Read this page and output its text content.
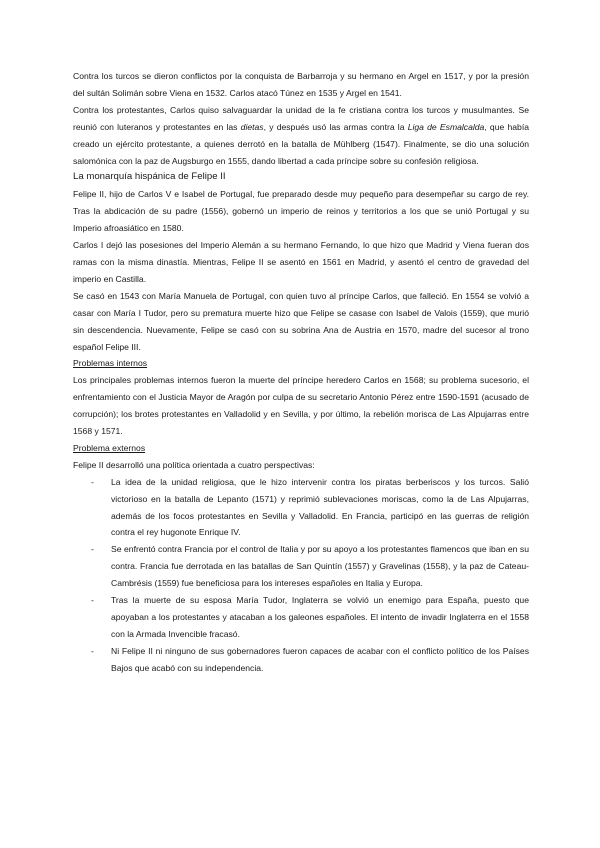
Contra los turcos se dieron conflictos por la conquista de Barbarroja y su hermano en Argel en 1517, y por la presión del sultán Solimán sobre Viena en 1532. Carlos atacó Túnez en 1535 y Argel en 1541.

Contra los protestantes, Carlos quiso salvaguardar la unidad de la fe cristiana contra los turcos y musulmantes. Se reunió con luteranos y protestantes en las dietas, y después usó las armas contra la Liga de Esmalcalda, que había creado un ejército protestante, a quienes derrotó en la batalla de Mühlberg (1547). Finalmente, se dio una solución salomónica con la paz de Augsburgo en 1555, dando libertad a cada príncipe sobre su confesión religiosa.

La monarquía hispánica de Felipe II

Felipe II, hijo de Carlos V e Isabel de Portugal, fue preparado desde muy pequeño para desempeñar su cargo de rey. Tras la abdicación de su padre (1556), gobernó un imperio de reinos y territorios a los que se unió Portugal y su Imperio afroasiático en 1580.

Carlos I dejó las posesiones del Imperio Alemán a su hermano Fernando, lo que hizo que Madrid y Viena fueran dos ramas con la misma dinastía. Mientras, Felipe II se asentó en 1561 en Madrid, y asentó el centro de gravedad del imperio en Castilla.

Se casó en 1543 con María Manuela de Portugal, con quien tuvo al príncipe Carlos, que falleció. En 1554 se volvió a casar con María I Tudor, pero su prematura muerte hizo que Felipe se casase con Isabel de Valois (1559), que murió sin descendencia. Nuevamente, Felipe se casó con su sobrina Ana de Austria en 1570, madre del sucesor al trono español Felipe III.

Problemas internos

Los principales problemas internos fueron la muerte del príncipe heredero Carlos en 1568; su problema sucesorio, el enfrentamiento con el Justicia Mayor de Aragón por culpa de su secretario Antonio Pérez entre 1590-1591 (acusado de corrupción); los brotes protestantes en Valladolid y en Sevilla, y por último, la rebelión morisca de Las Alpujarras entre 1568 y 1571.

Problema externos

Felipe II desarrolló una política orientada a cuatro perspectivas:

- La idea de la unidad religiosa, que le hizo intervenir contra los piratas berberiscos y los turcos. Salió victorioso en la batalla de Lepanto (1571) y reprimió sublevaciones moriscas, como la de Las Alpujarras, además de los focos protestantes en Sevilla y Valladolid. En Francia, participó en las guerras de religión contra el rey hugonote Enrique IV.
- Se enfrentó contra Francia por el control de Italia y por su apoyo a los protestantes flamencos que iban en su contra. Francia fue derrotada en las batallas de San Quintín (1557) y Gravelinas (1558), y la paz de Cateau-Cambrésis (1559) fue beneficiosa para los intereses españoles en Italia y Europa.
- Tras la muerte de su esposa María Tudor, Inglaterra se volvió un enemigo para España, puesto que apoyaban a los protestantes y atacaban a los galeones españoles. El intento de invadir Inglaterra en el 1558 con la Armada Invencible fracasó.
- Ni Felipe II ni ninguno de sus gobernadores fueron capaces de acabar con el conflicto político de los Países Bajos que acabó con su independencia.
